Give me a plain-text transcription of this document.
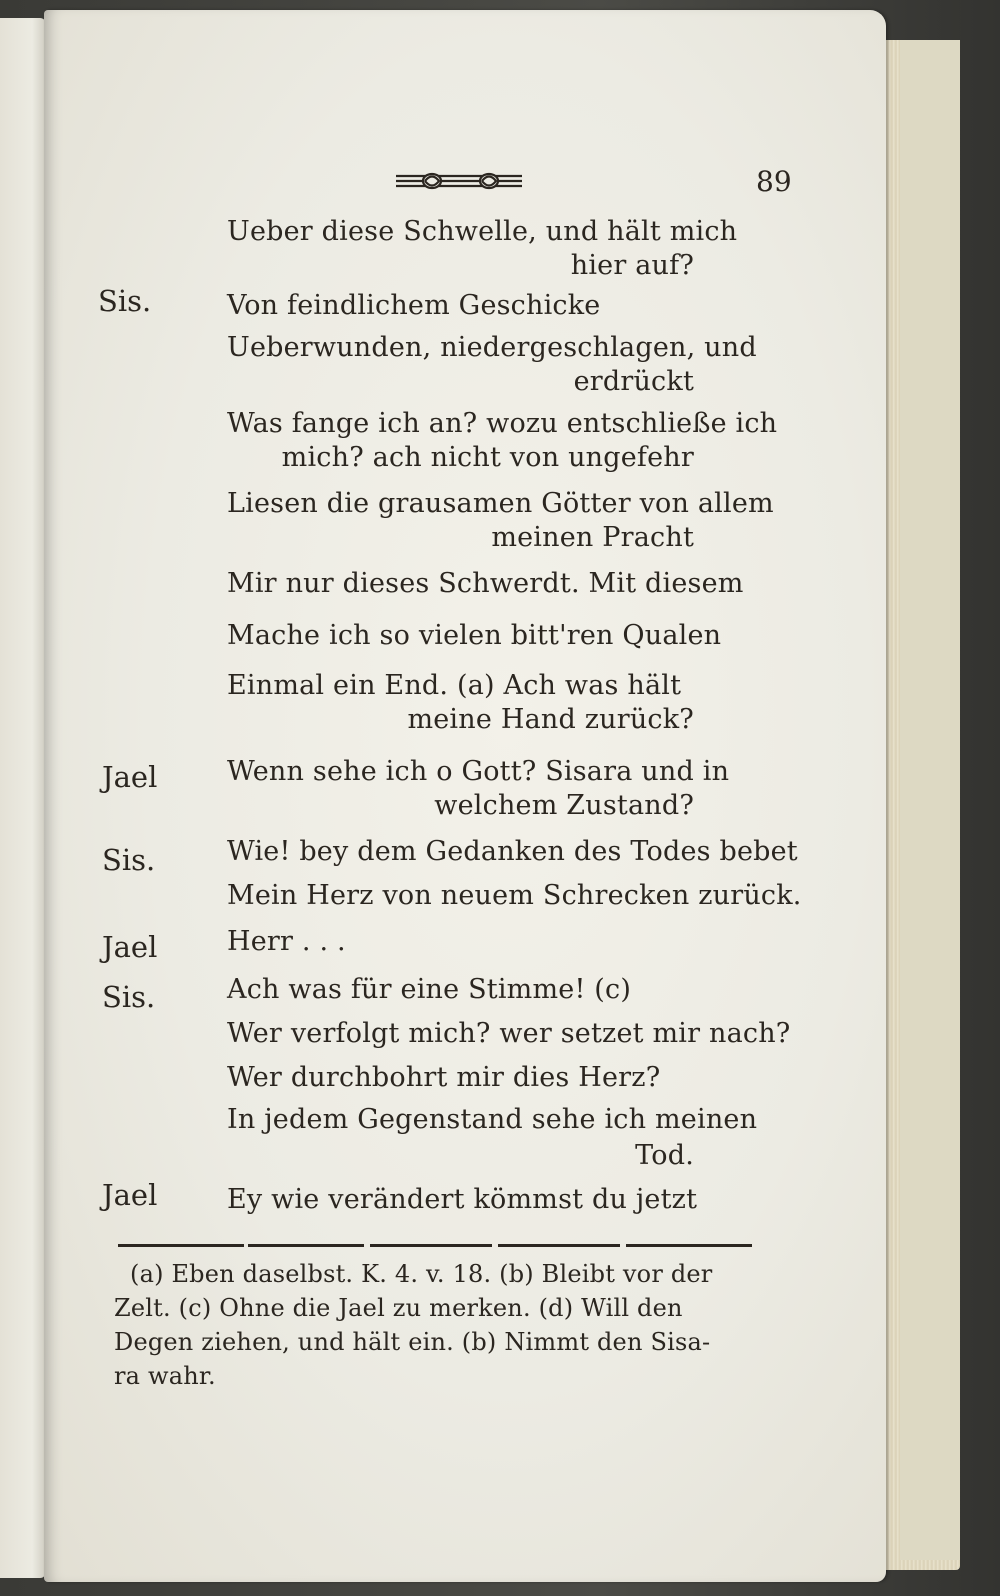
89
Sis.
Jael
Sis.
Jael
Sis.
Jael
Ueber diese Schwelle, und hält mich
hier auf?
Von feindlichem Geschicke
Ueberwunden, niedergeschlagen, und
erdrückt
Was fange ich an? wozu entschließe ich
mich? ach nicht von ungefehr
Liesen die grausamen Götter von allem
meinen Pracht
Mir nur dieses Schwerdt. Mit diesem
Mache ich so vielen bitt'ren Qualen
Einmal ein End. (a) Ach was hält
meine Hand zurück?
Wenn sehe ich o Gott? Sisara und in
welchem Zustand?
Wie! bey dem Gedanken des Todes bebet
Mein Herz von neuem Schrecken zurück.
Herr . . .
Ach was für eine Stimme! (c)
Wer verfolgt mich? wer setzet mir nach?
Wer durchbohrt mir dies Herz?
In jedem Gegenstand sehe ich meinen
Tod.
Ey wie verändert kömmst du jetzt
(a) Eben daselbst. K. 4. v. 18. (b) Bleibt vor der
Zelt. (c) Ohne die Jael zu merken. (d) Will den
Degen ziehen, und hält ein. (b) Nimmt den Sisa-
ra wahr.
